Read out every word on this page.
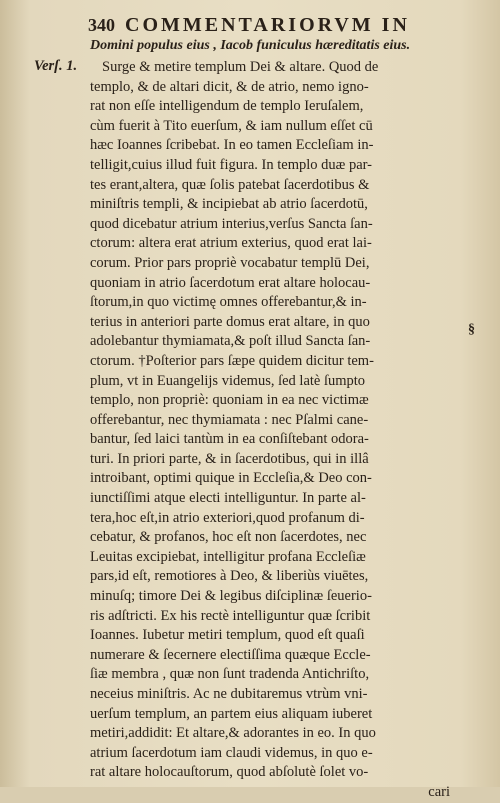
340 COMMENTARIORVM IN
Domini populus eius , Iacob funiculus hæreditatis eius.
Verſ. 1.
§
Surge & metire templum Dei & altare. Quod de
templo, & de altari dicit, & de atrio, nemo igno-
rat non eſſe intelligendum de templo Ieruſalem,
cùm fuerit à Tito euerſum, & iam nullum eſſet cū
hæc Ioannes ſcribebat. In eo tamen Eccleſiam in-
telligit,cuius illud fuit figura. In templo duæ par-
tes erant,altera, quæ ſolis patebat ſacerdotibus &
miniſtris templi, & incipiebat ab atrio ſacerdotū,
quod dicebatur atrium interius,verſus Sancta ſan-
ctorum: altera erat atrium exterius, quod erat lai-
corum. Prior pars propriè vocabatur templū Dei,
quoniam in atrio ſacerdotum erat altare holocau-
ſtorum,in quo victimę omnes offerebantur,& in-
terius in anteriori parte domus erat altare, in quo
adolebantur thymiamata,& poſt illud Sancta ſan-
ctorum. †Poſterior pars ſæpe quidem dicitur tem-
plum, vt in Euangelijs videmus, ſed latè ſumpto
templo, non propriè: quoniam in ea nec victimæ
offerebantur, nec thymiamata : nec Pſalmi cane-
bantur, ſed laici tantùm in ea conſiſtebant odora-
turi. In priori parte, & in ſacerdotibus, qui in illâ
introibant, optimi quique in Eccleſia,& Deo con-
iunctiſſimi atque electi intelliguntur. In parte al-
tera,hoc eſt,in atrio exteriori,quod profanum di-
cebatur, & profanos, hoc eſt non ſacerdotes, nec
Leuitas excipiebat, intelligitur profana Eccleſiæ
pars,id eſt, remotiores à Deo, & liberiùs viuētes,
minuſq; timore Dei & legibus diſciplinæ ſeuerio-
ris adſtricti. Ex his rectè intelliguntur quæ ſcribit
Ioannes. Iubetur metiri templum, quod eſt quaſi
numerare & ſecernere electiſſima quæque Eccle-
ſiæ membra , quæ non ſunt tradenda Antichriſto,
neceius miniſtris. Ac ne dubitaremus vtrùm vni-
uerſum templum, an partem eius aliquam iuberet
metiri,addidit: Et altare,& adorantes in eo. In quo
atrium ſacerdotum iam claudi videmus, in quo e-
rat altare holocauſtorum, quod abſolutè ſolet vo-
cari
